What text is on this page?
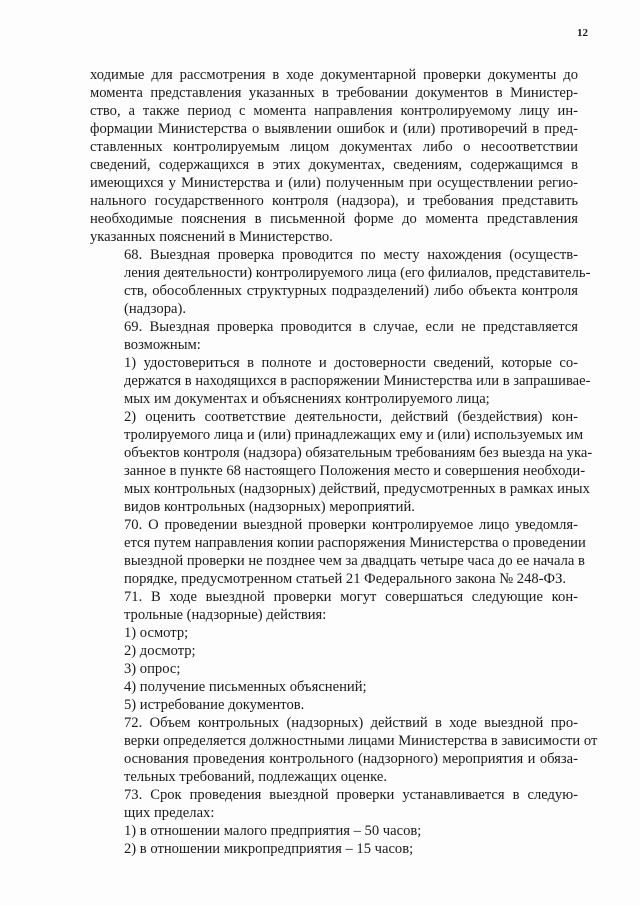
12

ходимые для рассмотрения в ходе документарной проверки документы до
момента представления указанных в требовании документов в Министер-
ство, а также период с момента направления контролируемому лицу ин-
формации Министерства о выявлении ошибок и (или) противоречий в пред-
ставленных контролируемым лицом документах либо о несоответствии
сведений, содержащихся в этих документах, сведениям, содержащимся в
имеющихся у Министерства и (или) полученным при осуществлении регио-
нального государственного контроля (надзора), и требования представить
необходимые пояснения в письменной форме до момента представления
указанных пояснений в Министерство.

68. Выездная проверка проводится по месту нахождения (осуществ-
ления деятельности) контролируемого лица (его филиалов, представитель-
ств, обособленных структурных подразделений) либо объекта контроля
(надзора).

69. Выездная проверка проводится в случае, если не представляется
возможным:

1) удостовериться в полноте и достоверности сведений, которые со-
держатся в находящихся в распоряжении Министерства или в запрашивае-
мых им документах и объяснениях контролируемого лица;

2) оценить соответствие деятельности, действий (бездействия) кон-
тролируемого лица и (или) принадлежащих ему и (или) используемых им
объектов контроля (надзора) обязательным требованиям без выезда на ука-
занное в пункте 68 настоящего Положения место и совершения необходи-
мых контрольных (надзорных) действий, предусмотренных в рамках иных
видов контрольных (надзорных) мероприятий.

70. О проведении выездной проверки контролируемое лицо уведомля-
ется путем направления копии распоряжения Министерства о проведении
выездной проверки не позднее чем за двадцать четыре часа до ее начала в
порядке, предусмотренном статьей 21 Федерального закона № 248-ФЗ.

71. В ходе выездной проверки могут совершаться следующие кон-
трольные (надзорные) действия:

1) осмотр;
2) досмотр;
3) опрос;
4) получение письменных объяснений;
5) истребование документов.

72. Объем контрольных (надзорных) действий в ходе выездной про-
верки определяется должностными лицами Министерства в зависимости от
основания проведения контрольного (надзорного) мероприятия и обяза-
тельных требований, подлежащих оценке.

73. Срок проведения выездной проверки устанавливается в следую-
щих пределах:

1) в отношении малого предприятия – 50 часов;
2) в отношении микропредприятия – 15 часов;
